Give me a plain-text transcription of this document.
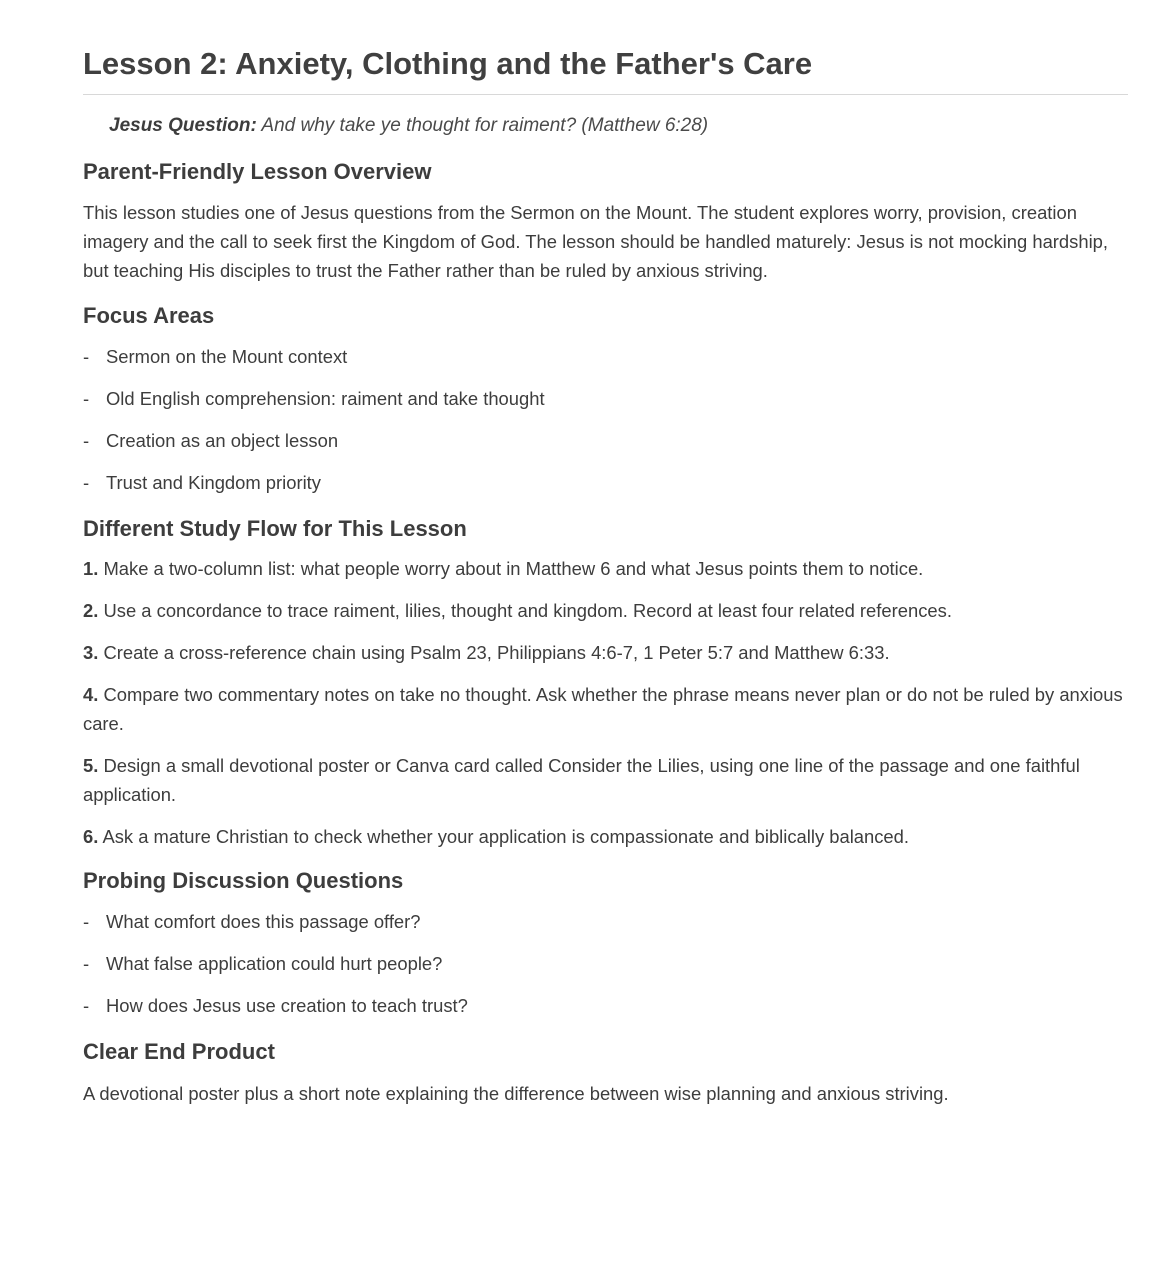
Lesson 2: Anxiety, Clothing and the Father's Care
Jesus Question: And why take ye thought for raiment? (Matthew 6:28)
Parent-Friendly Lesson Overview

This lesson studies one of Jesus questions from the Sermon on the Mount. The student explores worry, provision, creation imagery and the call to seek first the Kingdom of God. The lesson should be handled maturely: Jesus is not mocking hardship, but teaching His disciples to trust the Father rather than be ruled by anxious striving.

Focus Areas
- Sermon on the Mount context
- Old English comprehension: raiment and take thought
- Creation as an object lesson
- Trust and Kingdom priority
Different Study Flow for This Lesson
1. Make a two-column list: what people worry about in Matthew 6 and what Jesus points them to notice.
2. Use a concordance to trace raiment, lilies, thought and kingdom. Record at least four related references.
3. Create a cross-reference chain using Psalm 23, Philippians 4:6-7, 1 Peter 5:7 and Matthew 6:33.
4. Compare two commentary notes on take no thought. Ask whether the phrase means never plan or do not be ruled by anxious care.
5. Design a small devotional poster or Canva card called Consider the Lilies, using one line of the passage and one faithful application.
6. Ask a mature Christian to check whether your application is compassionate and biblically balanced.
Probing Discussion Questions
- What comfort does this passage offer?
- What false application could hurt people?
- How does Jesus use creation to teach trust?
Clear End Product

A devotional poster plus a short note explaining the difference between wise planning and anxious striving.
